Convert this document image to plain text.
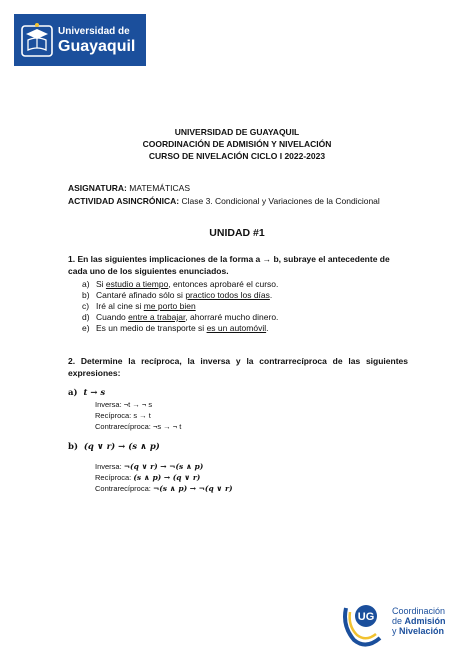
Universidad de
Guayaquil
UNIVERSIDAD DE GUAYAQUIL
COORDINACIÓN DE ADMISIÓN Y NIVELACIÓN
CURSO DE NIVELACIÓN CICLO I 2022-2023
ASIGNATURA: MATEMÁTICAS
ACTIVIDAD ASINCRÓNICA: Clase 3. Condicional y Variaciones de la Condicional
UNIDAD #1
1. En las siguientes implicaciones de la forma a → b, subraye el antecedente de cada uno de los siguientes enunciados.
a) Si estudio a tiempo, entonces aprobaré el curso.
b) Cantaré afinado sólo si practico todos los días.
c) Iré al cine si me porto bien
d) Cuando entre a trabajar, ahorraré mucho dinero.
e) Es un medio de transporte si es un automóvil.
2. Determine la recíproca, la inversa y la contrarrecíproca de las siguientes expresiones:
a) t → s
Inversa: ¬t → ¬ s
Recíproca: s → t
Contrarecíproca: ¬s → ¬ t
b) (q ∨ r) → (s ∧ p)
Inversa: ¬(q ∨ r) → ¬(s ∧ p)
Recíproca: (s ∧ p) → (q ∨ r)
Contrarecíproca: ¬(s ∧ p) → ¬(q ∨ r)
UG Coordinación
de Admisión
y Nivelación
